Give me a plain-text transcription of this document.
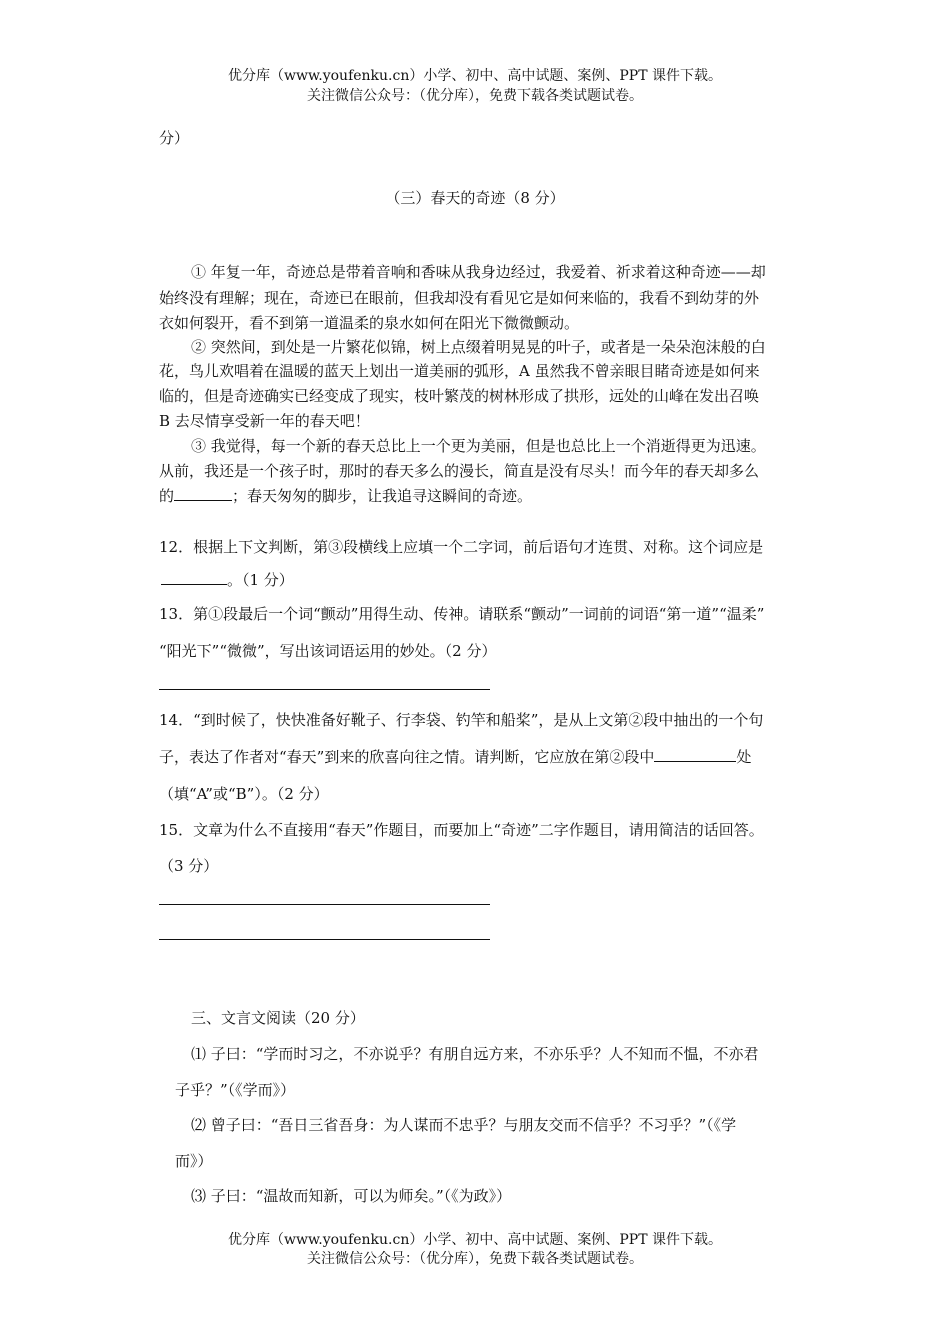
优分库（www.youfenku.cn）小学、初中、高中试题、案例、PPT 课件下载。
关注微信公众号：（优分库），免费下载各类试题试卷。
分）
（三）春天的奇迹（8 分）
① 年复一年，奇迹总是带着音响和香味从我身边经过，我爱着、祈求着这种奇迹——却
始终没有理解；现在，奇迹已在眼前，但我却没有看见它是如何来临的，我看不到幼芽的外
衣如何裂开，看不到第一道温柔的泉水如何在阳光下微微颤动。
② 突然间，到处是一片繁花似锦，树上点缀着明晃晃的叶子，或者是一朵朵泡沫般的白
花，鸟儿欢唱着在温暖的蓝天上划出一道美丽的弧形，A 虽然我不曾亲眼目睹奇迹是如何来
临的，但是奇迹确实已经变成了现实，枝叶繁茂的树林形成了拱形，远处的山峰在发出召唤
B 去尽情享受新一年的春天吧！
③ 我觉得，每一个新的春天总比上一个更为美丽，但是也总比上一个消逝得更为迅速。
从前，我还是一个孩子时，那时的春天多么的漫长，简直是没有尽头！而今年的春天却多么
的	；春天匆匆的脚步，让我追寻这瞬间的奇迹。
12．根据上下文判断，第③段横线上应填一个二字词，前后语句才连贯、对称。这个词应是
。（1 分）
13．第①段最后一个词“颤动”用得生动、传神。请联系“颤动”一词前的词语“第一道”“温柔”
“阳光下”“微微”，写出该词语运用的妙处。（2 分）
14．“到时候了，快快准备好靴子、行李袋、钓竿和船桨”，是从上文第②段中抽出的一个句
子，表达了作者对“春天”到来的欣喜向往之情。请判断，它应放在第②段中	处
（填“A”或“B”）。（2 分）
15．文章为什么不直接用“春天”作题目，而要加上“奇迹”二字作题目，请用简洁的话回答。
（3 分）
三、文言文阅读（20 分）
⑴ 子曰：“学而时习之，不亦说乎？有朋自远方来，不亦乐乎？人不知而不愠，不亦君
子乎？”（《学而》）
⑵ 曾子曰：“吾日三省吾身：为人谋而不忠乎？与朋友交而不信乎？不习乎？”（《学
而》）
⑶ 子曰：“温故而知新，可以为师矣。”（《为政》）
优分库（www.youfenku.cn）小学、初中、高中试题、案例、PPT 课件下载。
关注微信公众号：（优分库），免费下载各类试题试卷。
